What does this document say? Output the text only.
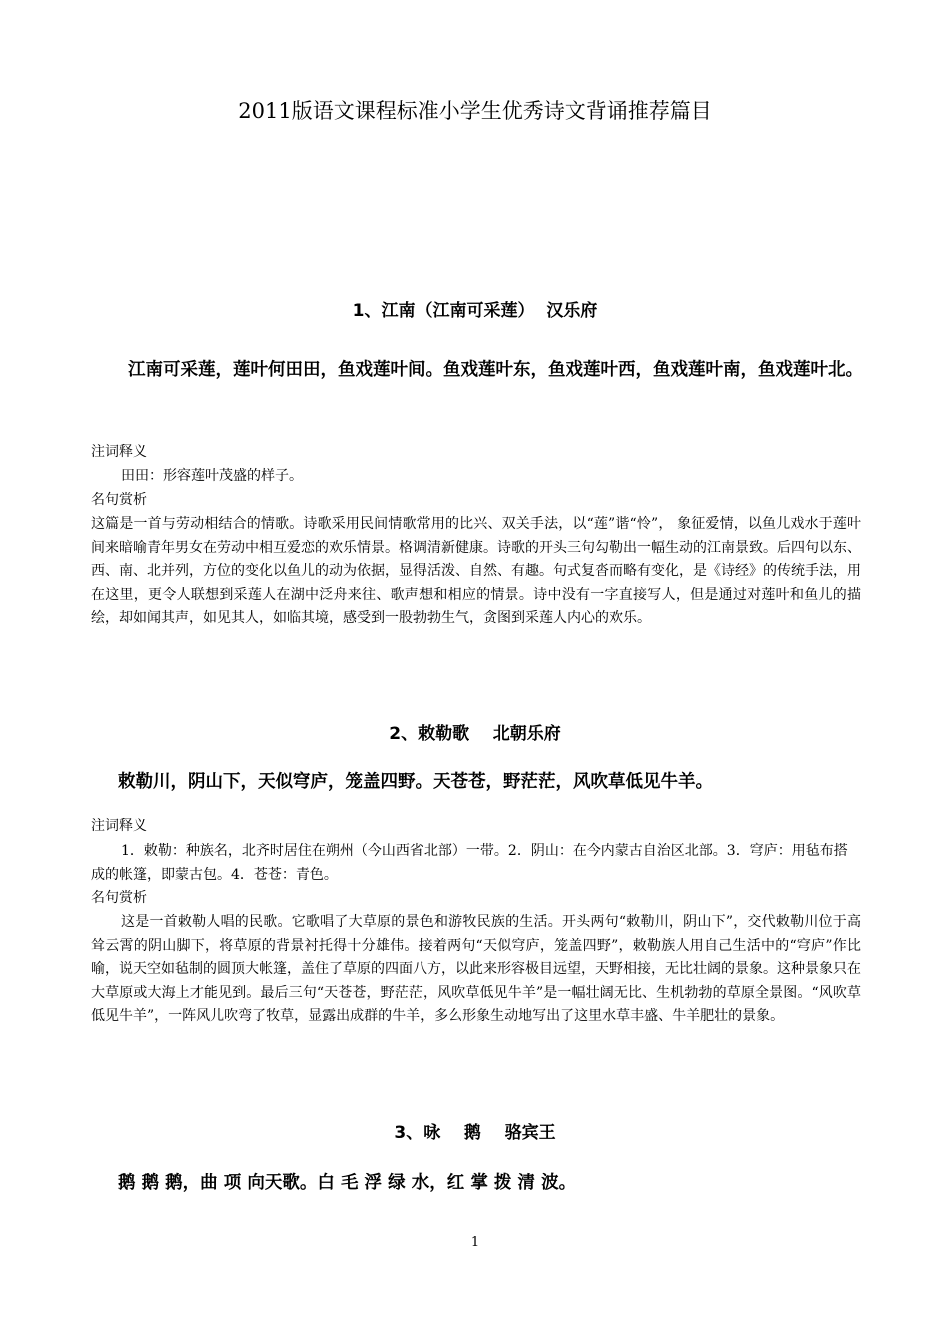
2011版语文课程标准小学生优秀诗文背诵推荐篇目
1、江南（江南可采莲）  汉乐府
江南可采莲，莲叶何田田，鱼戏莲叶间。鱼戏莲叶东，鱼戏莲叶西，鱼戏莲叶南，鱼戏莲叶北。
注词释义
田田：形容莲叶茂盛的样子。
名句赏析
这篇是一首与劳动相结合的情歌。诗歌采用民间情歌常用的比兴、双关手法，以“莲”谐“怜”， 象征爱情，以鱼儿戏水于莲叶间来暗喻青年男女在劳动中相互爱恋的欢乐情景。格调清新健康。诗歌的开头三句勾勒出一幅生动的江南景致。后四句以东、西、南、北并列，方位的变化以鱼儿的动为依据，显得活泼、自然、有趣。句式复沓而略有变化，是《诗经》的传统手法，用在这里，更令人联想到采莲人在湖中泛舟来往、歌声想和相应的情景。诗中没有一字直接写人，但是通过对莲叶和鱼儿的描绘，却如闻其声，如见其人，如临其境，感受到一股勃勃生气，贪图到采莲人内心的欢乐。
2、敕勒歌    北朝乐府
敕勒川，阴山下，天似穹庐，笼盖四野。天苍苍，野茫茫，风吹草低见牛羊。
注词释义
1．敕勒：种族名，北齐时居住在朔州（今山西省北部）一带。2．阴山：在今内蒙古自治区北部。3．穹庐：用毡布搭成的帐篷，即蒙古包。4．苍苍：青色。
名句赏析
这是一首敕勒人唱的民歌。它歌唱了大草原的景色和游牧民族的生活。开头两句“敕勒川，阴山下”，交代敕勒川位于高耸云霄的阴山脚下，将草原的背景衬托得十分雄伟。接着两句“天似穹庐，笼盖四野”，敕勒族人用自己生活中的“穹庐”作比喻，说天空如毡制的圆顶大帐篷，盖住了草原的四面八方，以此来形容极目远望，天野相接，无比壮阔的景象。这种景象只在大草原或大海上才能见到。最后三句“天苍苍，野茫茫，风吹草低见牛羊”是一幅壮阔无比、生机勃勃的草原全景图。“风吹草低见牛羊”，一阵风儿吹弯了牧草，显露出成群的牛羊，多么形象生动地写出了这里水草丰盛、牛羊肥壮的景象。
3、咏    鹅    骆宾王
鹅 鹅 鹅，曲 项 向天歌。白 毛 浮 绿 水，红 掌 拨 清 波。
1
